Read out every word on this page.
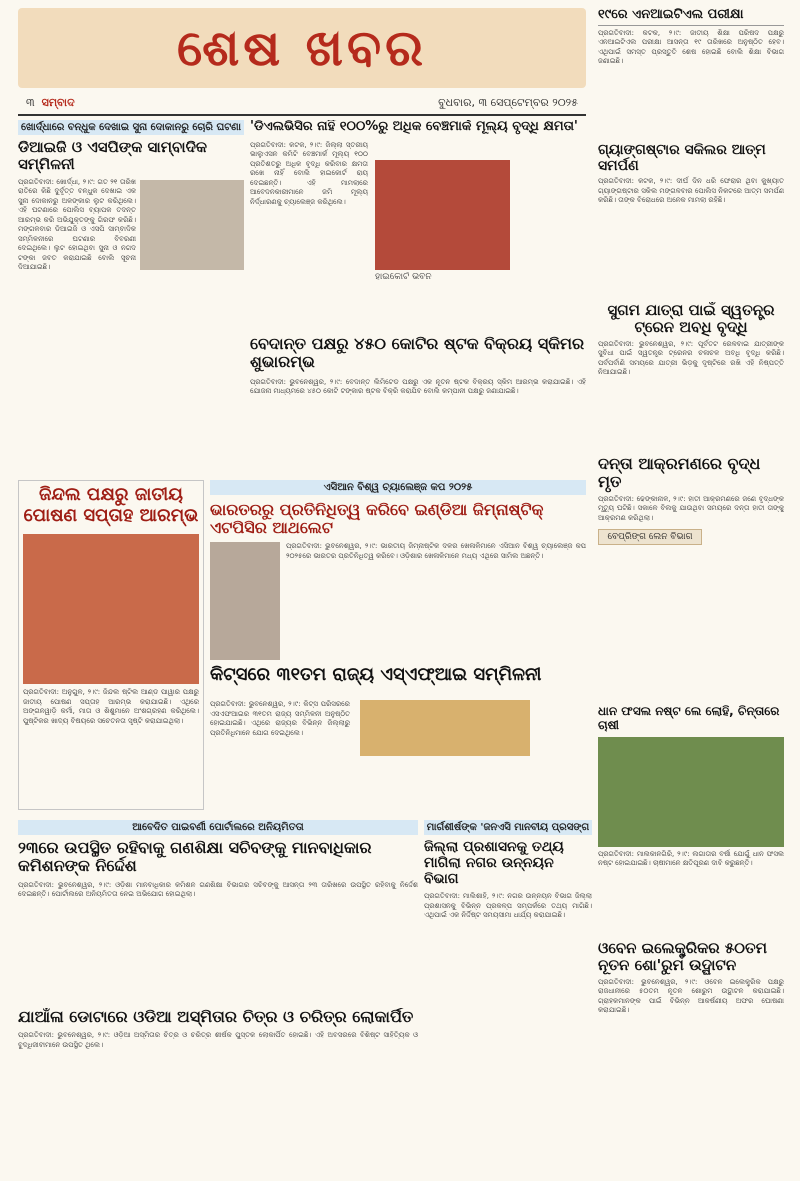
ଶେଷ ଖବର
୩ ସମ୍ବାଦ	ବୁଧବାର, ୩ ସେପ୍ଟେମ୍ବର ୨୦୨୫
ଖୋର୍ଦ୍ଧାରେ ବନ୍ଧୁକ ଦେଖାଇ ସୁନା ଦୋକାନରୁ ଚୋରି ଘଟଣା
ଡିଆଇଜି ଓ ଏସପିଙ୍କ ସାମ୍ବାଦିକ ସମ୍ମିଳନୀ
ପ୍ରଗତିବାଦୀ: ଖୋର୍ଦ୍ଧା, ୨।୯: ଗତ ୨୧ ତାରିଖ ରାତିରେ କିଛି ଦୁର୍ବୃତ୍ତ ବନ୍ଧୁକ ଦେଖାଇ ଏକ ସୁନା ଦୋକାନରୁ ଅଳଙ୍କାର ଲୁଟ କରିଥିଲେ। ଏହି ଘଟଣାରେ ପୋଲିସ ବ୍ୟାପକ ତଦନ୍ତ ଆରମ୍ଭ କରି ଅଭିଯୁକ୍ତଙ୍କୁ ଗିରଫ କରିଛି। ମଙ୍ଗଳବାର ଡିଆଇଜି ଓ ଏସପି ସାମ୍ବାଦିକ ସମ୍ମିଳନୀରେ ଘଟଣାର ବିବରଣୀ ଦେଇଥିଲେ। ଲୁଟ ହୋଇଥିବା ସୁନା ଓ ନଗଦ ଟଙ୍କା ଜବତ କରାଯାଇଛି ବୋଲି ସୂଚନା ଦିଆଯାଇଛି।
'ଡିଏଲଭିସିର ନାହିଁ ୧୦୦%ରୁ ଅଧିକ ବେଞ୍ଚମାର୍କ ମୂଲ୍ୟ ବୃଦ୍ଧି କ୍ଷମତା'
ହାଇକୋର୍ଟ ଭବନ
ପ୍ରଗତିବାଦୀ: କଟକ, ୨।୯: ଜିଲ୍ଲା ସ୍ତରୀୟ ଭାଲୁଏସନ କମିଟି ବେଞ୍ଚମାର୍କ ମୂଲ୍ୟ ୧୦୦ ପ୍ରତିଶତରୁ ଅଧିକ ବୃଦ୍ଧି କରିବାର କ୍ଷମତା ରଖେ ନାହିଁ ବୋଲି ହାଇକୋର୍ଟ ରାୟ ଦେଇଛନ୍ତି। ଏହି ମାମଲାରେ ଆବେଦନକାରୀମାନେ ଜମି ମୂଲ୍ୟ ନିର୍ଦ୍ଧାରଣକୁ ଚ୍ୟାଲେଞ୍ଜ କରିଥିଲେ।
ବେଦାନ୍ତ ପକ୍ଷରୁ ୪୫୦ କୋଟିର ଷ୍ଟକ ବିକ୍ରୟ ସ୍କିମର ଶୁଭାରମ୍ଭ
ପ୍ରଗତିବାଦୀ: ଭୁବନେଶ୍ୱର, ୨।୯: ବେଦାନ୍ତ ଲିମିଟେଡ ପକ୍ଷରୁ ଏକ ନୂତନ ଷ୍ଟକ ବିକ୍ରୟ ସ୍କିମ ଆରମ୍ଭ କରାଯାଇଛି। ଏହି ଯୋଜନା ମାଧ୍ୟମରେ ୪୫୦ କୋଟି ଟଙ୍କାର ଷ୍ଟକ ବିକ୍ରି କରାଯିବ ବୋଲି କମ୍ପାନୀ ପକ୍ଷରୁ ଜଣାଯାଇଛି।
ଜିନ୍ଦଲ ପକ୍ଷରୁ ଜାତୀୟ ପୋଷଣ ସପ୍ତାହ ଆରମ୍ଭ
ପ୍ରଗତିବାଦୀ: ଅନୁଗୁଳ, ୨।୯: ଜିନ୍ଦଲ ଷ୍ଟିଲ ଆଣ୍ଡ ପାୱାର ପକ୍ଷରୁ ଜାତୀୟ ପୋଷଣ ସପ୍ତାହ ଆରମ୍ଭ କରାଯାଇଛି। ଏଥିରେ ଅଙ୍ଗନୱାଡ଼ି କର୍ମୀ, ମାତା ଓ ଶିଶୁମାନେ ଅଂଶଗ୍ରହଣ କରିଥିଲେ। ପୁଷ୍ଟିକର ଖାଦ୍ୟ ବିଷୟରେ ସଚେତନତା ସୃଷ୍ଟି କରାଯାଇଥିଲା।
ଏସିଆନ ବିଶ୍ୱ ଚ୍ୟାଲେଞ୍ଜ କପ ୨୦୨୫
ଭାରତରରୁ ପ୍ରତିନିଧିତ୍ୱ କରିବେ ଇଣ୍ଡିଆ ଜିମ୍ନାଷ୍ଟିକ୍ ଏଟପିସିର ଆଥଲେଟ
ପ୍ରଗତିବାଦୀ: ଭୁବନେଶ୍ୱର, ୨।୯: ଭାରତୀୟ ଜିମ୍ନାଷ୍ଟିକ ଦଳର ଖେଳାଳିମାନେ ଏସିଆନ ବିଶ୍ୱ ଚ୍ୟାଲେଞ୍ଜ କପ ୨୦୨୫ରେ ଭାରତର ପ୍ରତିନିଧିତ୍ୱ କରିବେ। ଓଡ଼ିଶାର ଖେଳାଳିମାନେ ମଧ୍ୟ ଏଥିରେ ସାମିଲ ଅଛନ୍ତି।
କିଟ୍ସରେ ୩୧ତମ ରାଜ୍ୟ ଏସ୍ଏଫ୍ଆଇ ସମ୍ମିଳନୀ
ପ୍ରଗତିବାଦୀ: ଭୁବନେଶ୍ୱର, ୨।୯: କିଟ୍ସ ପରିସରରେ ଏସଏଫଆଇର ୩୧ତମ ରାଜ୍ୟ ସମ୍ମିଳନୀ ଅନୁଷ୍ଠିତ ହୋଇଯାଇଛି। ଏଥିରେ ରାଜ୍ୟର ବିଭିନ୍ନ ଜିଲ୍ଲାରୁ ପ୍ରତିନିଧିମାନେ ଯୋଗ ଦେଇଥିଲେ।
୧୯ରେ ଏନଆଇଟିଏଲ ପରୀକ୍ଷା
ପ୍ରଗତିବାଦୀ: କଟକ, ୨।୯: ଜାତୀୟ ଶିକ୍ଷା ପରିଷଦ ପକ୍ଷରୁ ଏନଆଇଟିଏଲ ପରୀକ୍ଷା ଆସନ୍ତା ୧୯ ତାରିଖରେ ଅନୁଷ୍ଠିତ ହେବ। ଏଥିପାଇଁ ସମସ୍ତ ପ୍ରସ୍ତୁତି ଶେଷ ହୋଇଛି ବୋଲି ଶିକ୍ଷା ବିଭାଗ ଜଣାଇଛି।
ଗ୍ୟାଙ୍ଗଷ୍ଟାର ସକିଲର ଆତ୍ମ ସମର୍ପଣ
ପ୍ରଗତିବାଦୀ: କଟକ, ୨।୯: ଦୀର୍ଘ ଦିନ ଧରି ଫେରାର ଥିବା କୁଖ୍ୟାତ ଗ୍ୟାଙ୍ଗଷ୍ଟାର ସକିଲ ମଙ୍ଗଳବାର ପୋଲିସ ନିକଟରେ ଆତ୍ମ ସମର୍ପଣ କରିଛି। ତାଙ୍କ ବିରୋଧରେ ଅନେକ ମାମଲା ରହିଛି।
ସୁଗମ ଯାତ୍ରା ପାଇଁ ସ୍ୱତନ୍ତ୍ର ଟ୍ରେନ ଅବଧି ବୃଦ୍ଧି
ପ୍ରଗତିବାଦୀ: ଭୁବନେଶ୍ୱର, ୨।୯: ପୂର୍ବତଟ ରେଳବାଇ ଯାତ୍ରୀଙ୍କ ସୁବିଧା ପାଇଁ ସ୍ୱତନ୍ତ୍ର ଟ୍ରେନର ଚଳାଚଳ ଅବଧି ବୃଦ୍ଧି କରିଛି। ପର୍ବପର୍ବାଣି ସମୟରେ ଯାତ୍ରୀ ଭିଡ଼କୁ ଦୃଷ୍ଟିରେ ରଖି ଏହି ନିଷ୍ପତ୍ତି ନିଆଯାଇଛି।
ଦନ୍ତା ଆକ୍ରମଣରେ ବୃଦ୍ଧ ମୃତ
ପ୍ରଗତିବାଦୀ: ଢେଙ୍କାନାଳ, ୨।୯: ହାତୀ ଆକ୍ରମଣରେ ଜଣେ ବୃଦ୍ଧଙ୍କ ମୃତ୍ୟୁ ଘଟିଛି। ସକାଳେ ବିଲକୁ ଯାଉଥିବା ସମୟରେ ଦନ୍ତା ହାତୀ ତାଙ୍କୁ ଆକ୍ରମଣ କରିଥିଲା।
ବେପ୍ରିଙ୍ଗ ଲେନ ବିଭାଗ
ଧାନ ଫସଲ ନଷ୍ଟ ଲେ ଲୋହି, ଚିନ୍ତାରେ ଚାଷୀ
ପ୍ରଗତିବାଦୀ: ମାଲକାନଗିରି, ୨।୯: ଲଗାତାର ବର୍ଷା ଯୋଗୁଁ ଧାନ ଫସଲ ନଷ୍ଟ ହୋଇଯାଇଛି। ଚାଷୀମାନେ କ୍ଷତିପୂରଣ ଦାବି କରୁଛନ୍ତି।
ଓବେନ ଇଲେକ୍ଟ୍ରିକର ୫୦ତମ ନୂତନ ଶୋ'ରୁମ ଉଦ୍ଘାଟନ
ପ୍ରଗତିବାଦୀ: ଭୁବନେଶ୍ୱର, ୨।୯: ଓବେନ ଇଲେକ୍ଟ୍ରିକ ପକ୍ଷରୁ ରାଜଧାନୀରେ ୫୦ତମ ନୂତନ ଶୋରୁମ ଉଦ୍ଘାଟନ କରାଯାଇଛି। ଗ୍ରାହକମାନଙ୍କ ପାଇଁ ବିଭିନ୍ନ ଆକର୍ଷଣୀୟ ଅଫର ଘୋଷଣା କରାଯାଇଛି।
ଆବେଦିତ ପାଇବର୍ଣୀ ପୋର୍ଟାଲରେ ଅନିୟମିତତା
୨୩ରେ ଉପସ୍ଥିତ ରହିବାକୁ ଗଣଶିକ୍ଷା ସଚିବଙ୍କୁ ମାନବାଧିକାର କମିଶନଙ୍କ ନିର୍ଦ୍ଦେଶ
ପ୍ରଗତିବାଦୀ: ଭୁବନେଶ୍ୱର, ୨।୯: ଓଡ଼ିଶା ମାନବାଧିକାର କମିଶନ ଗଣଶିକ୍ଷା ବିଭାଗର ସଚିବଙ୍କୁ ଆସନ୍ତା ୨୩ ତାରିଖରେ ଉପସ୍ଥିତ ରହିବାକୁ ନିର୍ଦ୍ଦେଶ ଦେଇଛନ୍ତି। ପୋର୍ଟାଲରେ ଅନିୟମିତତା ନେଇ ଅଭିଯୋଗ ହୋଇଥିଲା।
ମାର୍ଗଶୀର୍ଷଙ୍କ 'ଜନଏସି ମାନବୀୟ ପ୍ରସଙ୍ଗ
ଜିଲ୍ଲା ପ୍ରଶାସନକୁ ତଥ୍ୟ ମାଗିଲା ନଗର ଉନ୍ନୟନ ବିଭାଗ
ପ୍ରଗତିବାଦୀ: ମାଲିଶାହି, ୨।୯: ନଗର ଉନ୍ନୟନ ବିଭାଗ ଜିଲ୍ଲା ପ୍ରଶାସନକୁ ବିଭିନ୍ନ ପ୍ରକଳ୍ପ ସମ୍ପର୍କରେ ତଥ୍ୟ ମାଗିଛି। ଏଥିପାଇଁ ଏକ ନିର୍ଦ୍ଦିଷ୍ଟ ସମୟସୀମା ଧାର୍ଯ୍ୟ କରାଯାଇଛି।
ଯାଆଁଳା ଡୋଟାରେ ଓଡିଆ ଅସ୍ମିତାର ଚିତ୍ର ଓ ଚରିତ୍ର ଲୋକାର୍ପିତ
ପ୍ରଗତିବାଦୀ: ଭୁବନେଶ୍ୱର, ୨।୯: ଓଡ଼ିଆ ଅସ୍ମିତାର ଚିତ୍ର ଓ ଚରିତ୍ର ଶୀର୍ଷକ ପୁସ୍ତକ ଲୋକାର୍ପିତ ହୋଇଛି। ଏହି ଅବସରରେ ବିଶିଷ୍ଟ ସାହିତ୍ୟିକ ଓ ବୁଦ୍ଧିଜୀବୀମାନେ ଉପସ୍ଥିତ ଥିଲେ।
